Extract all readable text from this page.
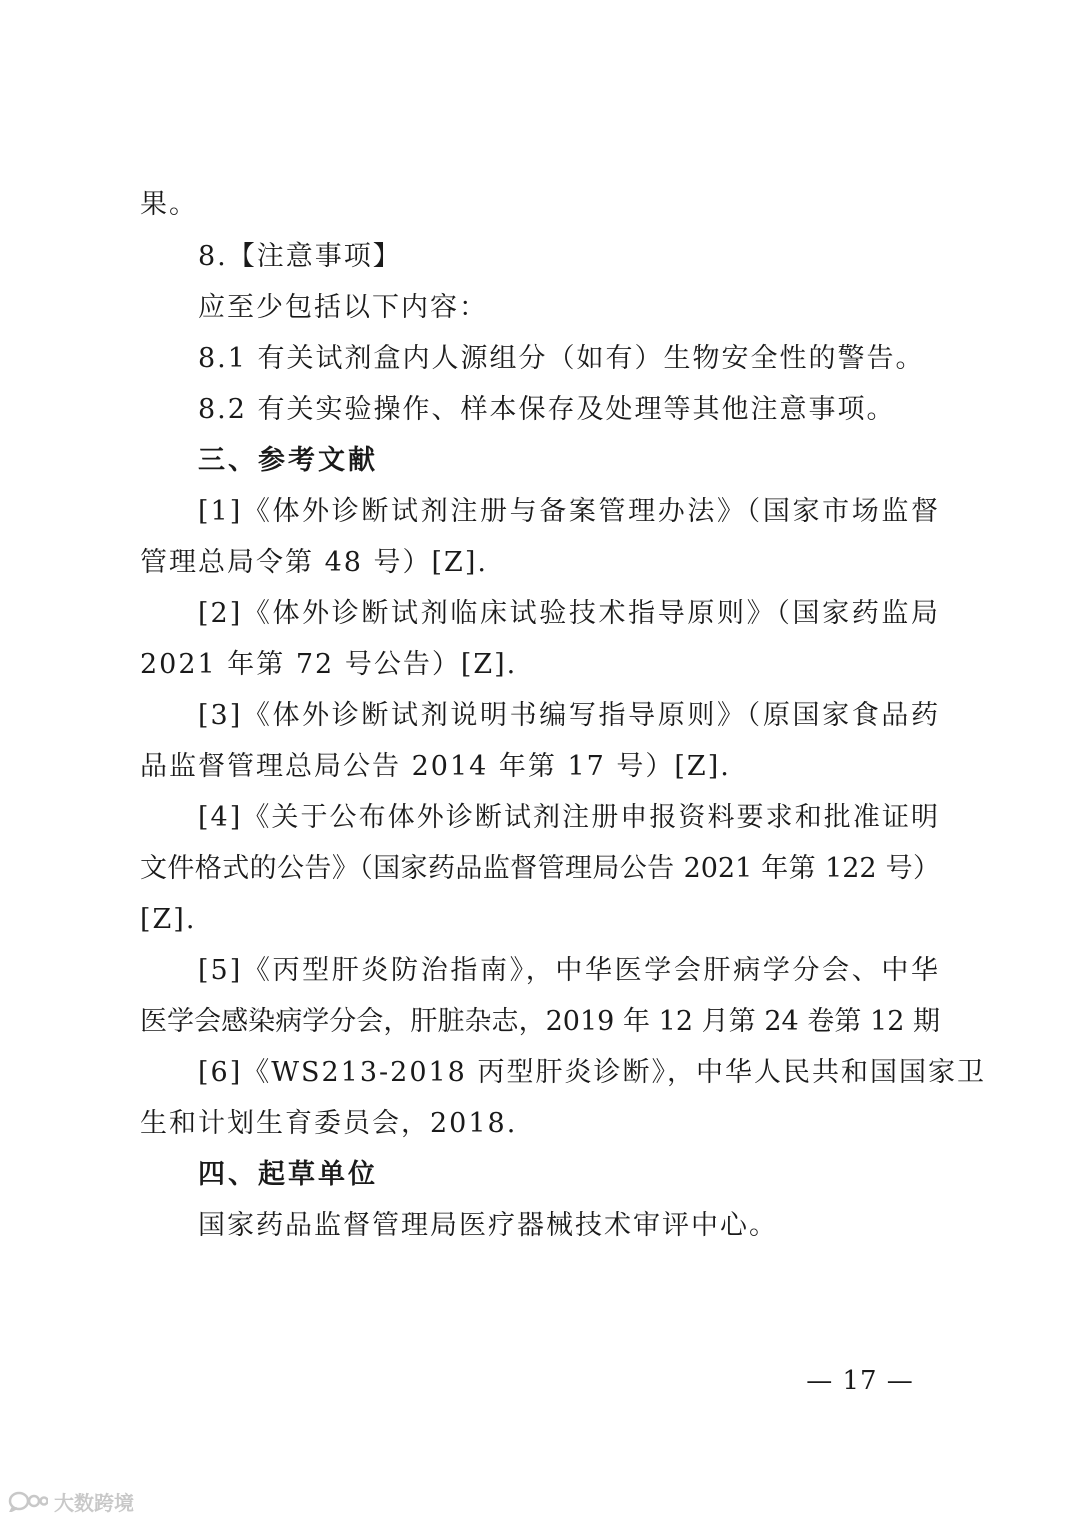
果。
8.【注意事项】
应至少包括以下内容：
8.1 有关试剂盒内人源组分（如有）生物安全性的警告。
8.2 有关实验操作、样本保存及处理等其他注意事项。
三、参考文献
[1]《体外诊断试剂注册与备案管理办法》（国家市场监督
管理总局令第 48 号）[Z].
[2]《体外诊断试剂临床试验技术指导原则》（国家药监局
2021 年第 72 号公告）[Z].
[3]《体外诊断试剂说明书编写指导原则》（原国家食品药
品监督管理总局公告 2014 年第 17 号）[Z].
[4]《关于公布体外诊断试剂注册申报资料要求和批准证明
文件格式的公告》（国家药品监督管理局公告 2021 年第 122 号）
[Z].
[5]《丙型肝炎防治指南》，中华医学会肝病学分会、中华
医学会感染病学分会，肝脏杂志，2019 年 12 月第 24 卷第 12 期
[6]《WS213-2018 丙型肝炎诊断》，中华人民共和国国家卫
生和计划生育委员会，2018.
四、起草单位
国家药品监督管理局医疗器械技术审评中心。
— 17 —
大数跨境
